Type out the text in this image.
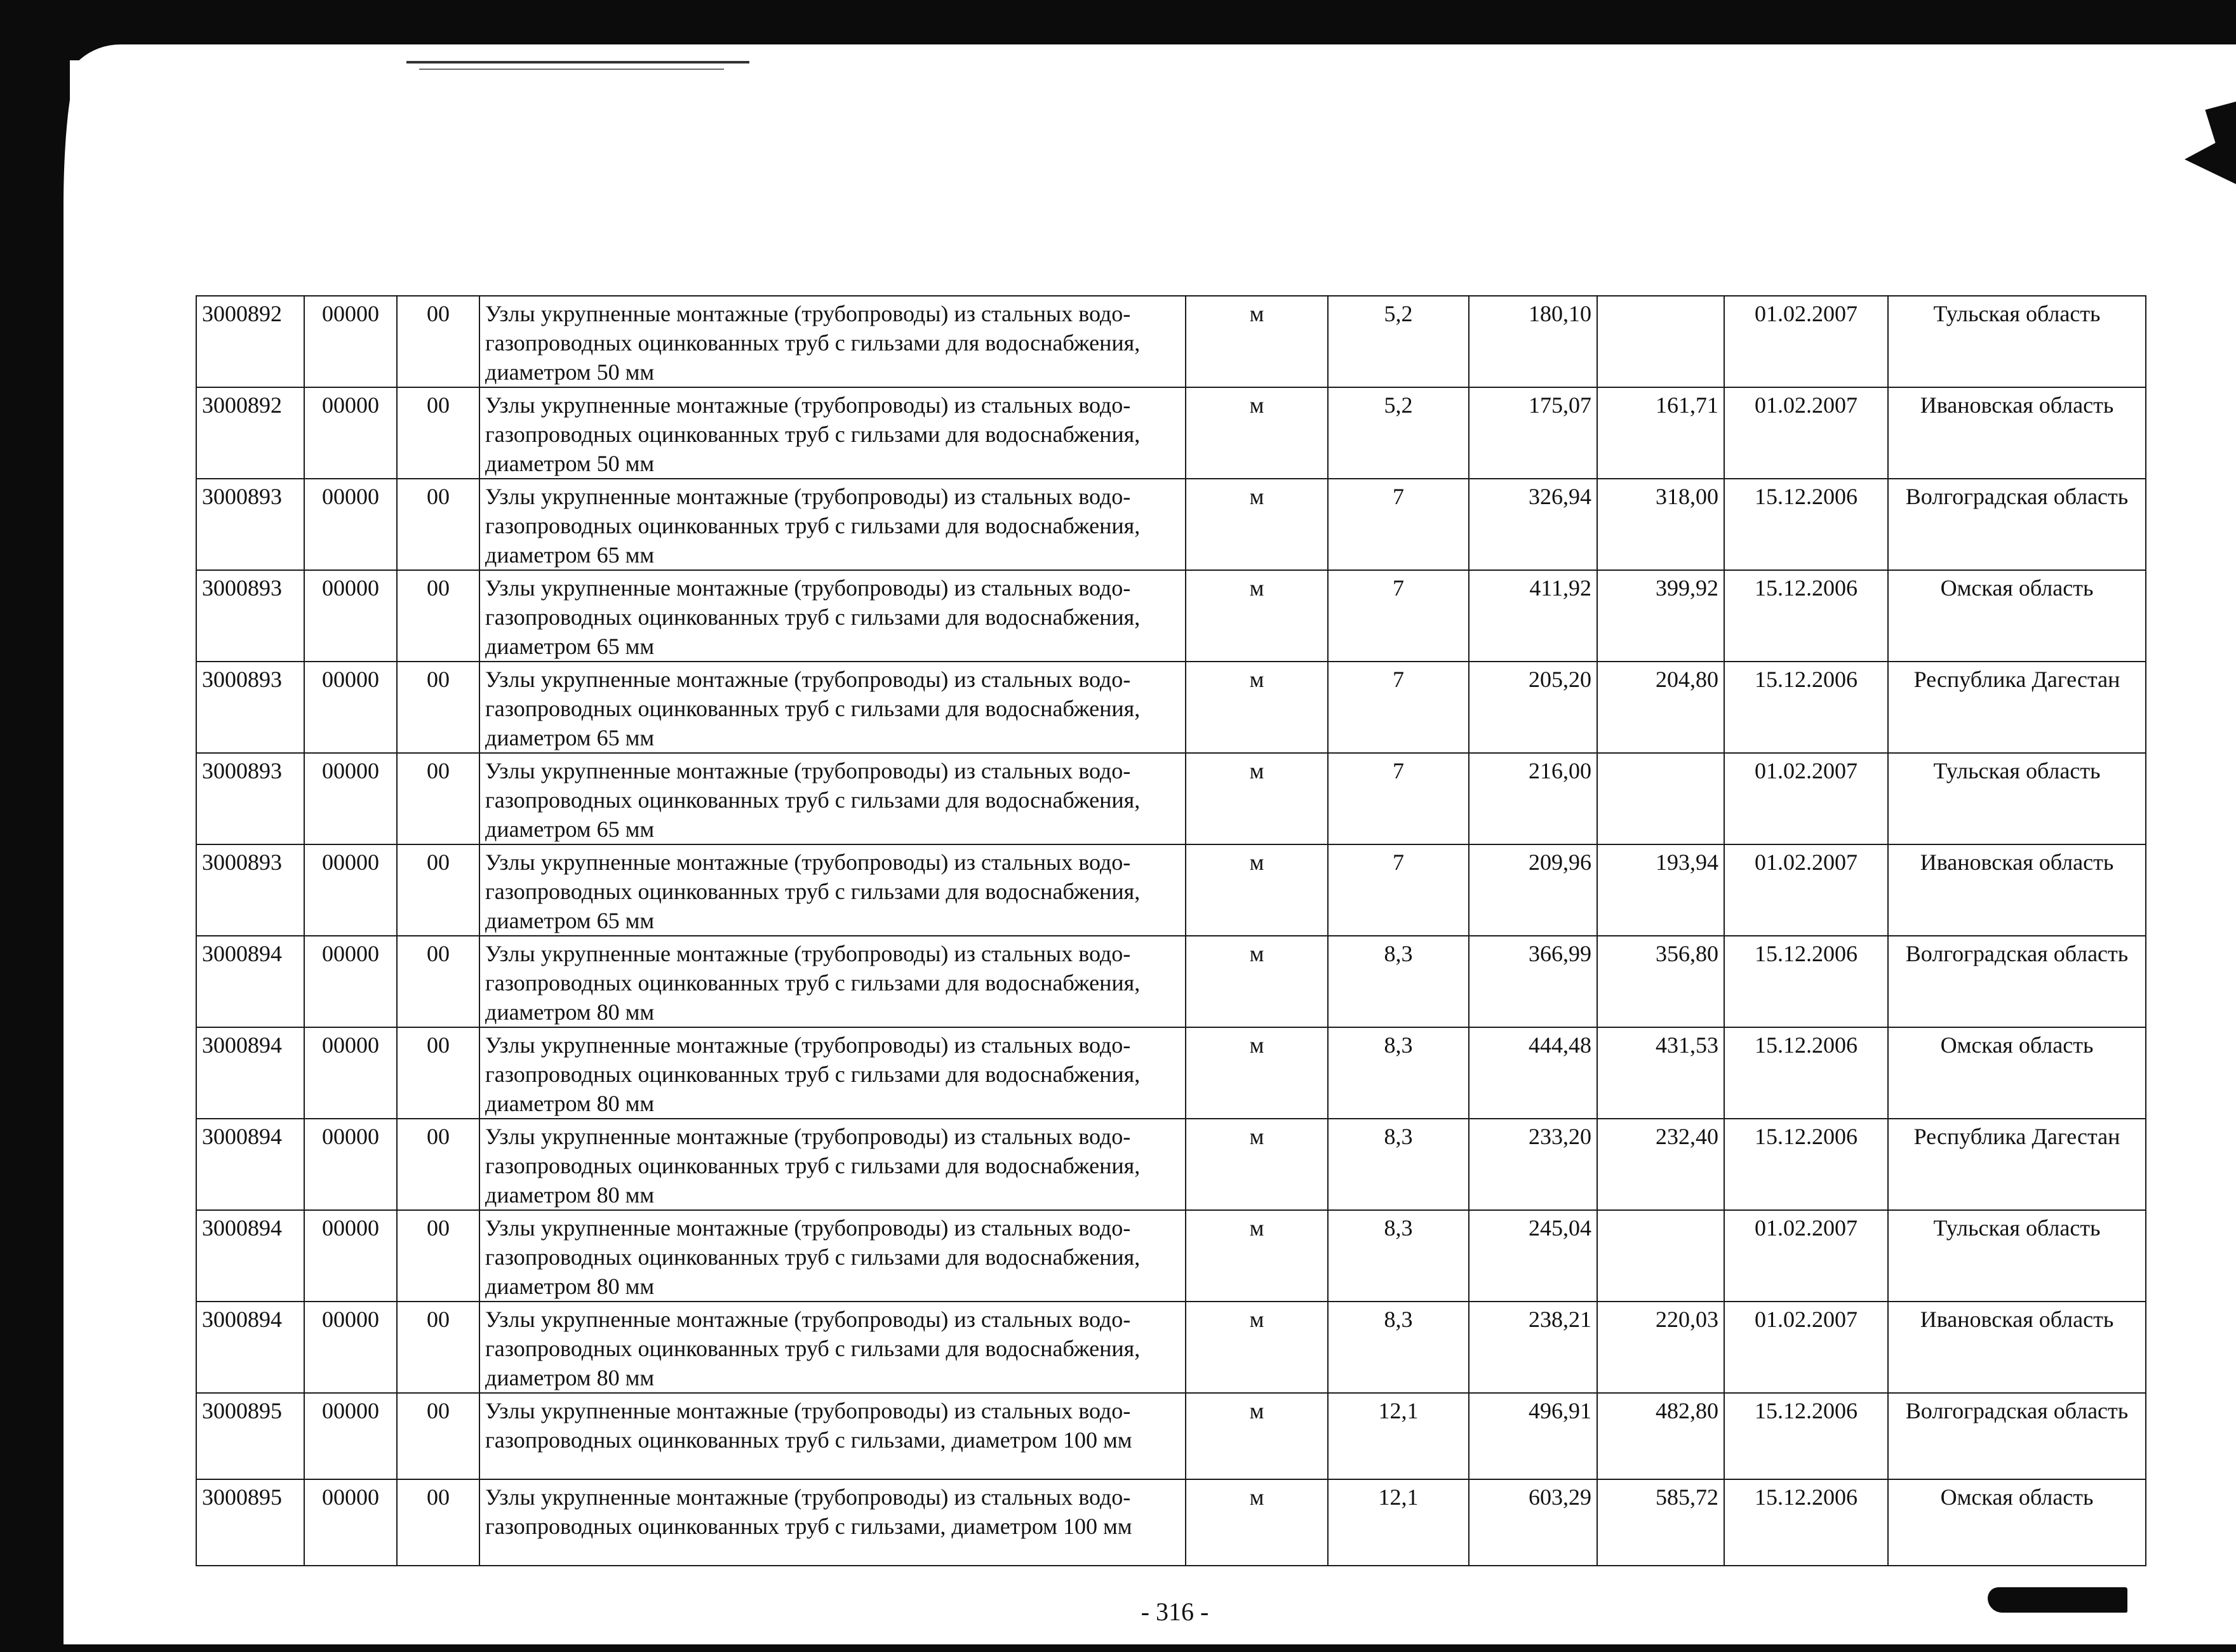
3000892	00000	00	Узлы укрупненные монтажные (трубопроводы) из стальных водо-газопроводных оцинкованных труб с гильзами для водоснабжения, диаметром 50 мм	м	5,2	180,10		01.02.2007	Тульская область
3000892	00000	00	Узлы укрупненные монтажные (трубопроводы) из стальных водо-газопроводных оцинкованных труб с гильзами для водоснабжения, диаметром 50 мм	м	5,2	175,07	161,71	01.02.2007	Ивановская область
3000893	00000	00	Узлы укрупненные монтажные (трубопроводы) из стальных водо-газопроводных оцинкованных труб с гильзами для водоснабжения, диаметром 65 мм	м	7	326,94	318,00	15.12.2006	Волгоградская область
3000893	00000	00	Узлы укрупненные монтажные (трубопроводы) из стальных водо-газопроводных оцинкованных труб с гильзами для водоснабжения, диаметром 65 мм	м	7	411,92	399,92	15.12.2006	Омская область
3000893	00000	00	Узлы укрупненные монтажные (трубопроводы) из стальных водо-газопроводных оцинкованных труб с гильзами для водоснабжения, диаметром 65 мм	м	7	205,20	204,80	15.12.2006	Республика Дагестан
3000893	00000	00	Узлы укрупненные монтажные (трубопроводы) из стальных водо-газопроводных оцинкованных труб с гильзами для водоснабжения, диаметром 65 мм	м	7	216,00		01.02.2007	Тульская область
3000893	00000	00	Узлы укрупненные монтажные (трубопроводы) из стальных водо-газопроводных оцинкованных труб с гильзами для водоснабжения, диаметром 65 мм	м	7	209,96	193,94	01.02.2007	Ивановская область
3000894	00000	00	Узлы укрупненные монтажные (трубопроводы) из стальных водо-газопроводных оцинкованных труб с гильзами для водоснабжения, диаметром 80 мм	м	8,3	366,99	356,80	15.12.2006	Волгоградская область
3000894	00000	00	Узлы укрупненные монтажные (трубопроводы) из стальных водо-газопроводных оцинкованных труб с гильзами для водоснабжения, диаметром 80 мм	м	8,3	444,48	431,53	15.12.2006	Омская область
3000894	00000	00	Узлы укрупненные монтажные (трубопроводы) из стальных водо-газопроводных оцинкованных труб с гильзами для водоснабжения, диаметром 80 мм	м	8,3	233,20	232,40	15.12.2006	Республика Дагестан
3000894	00000	00	Узлы укрупненные монтажные (трубопроводы) из стальных водо-газопроводных оцинкованных труб с гильзами для водоснабжения, диаметром 80 мм	м	8,3	245,04		01.02.2007	Тульская область
3000894	00000	00	Узлы укрупненные монтажные (трубопроводы) из стальных водо-газопроводных оцинкованных труб с гильзами для водоснабжения, диаметром 80 мм	м	8,3	238,21	220,03	01.02.2007	Ивановская область
3000895	00000	00	Узлы укрупненные монтажные (трубопроводы) из стальных водо-газопроводных оцинкованных труб с гильзами, диаметром 100 мм	м	12,1	496,91	482,80	15.12.2006	Волгоградская область
3000895	00000	00	Узлы укрупненные монтажные (трубопроводы) из стальных водо-газопроводных оцинкованных труб с гильзами, диаметром 100 мм	м	12,1	603,29	585,72	15.12.2006	Омская область
- 316 -
